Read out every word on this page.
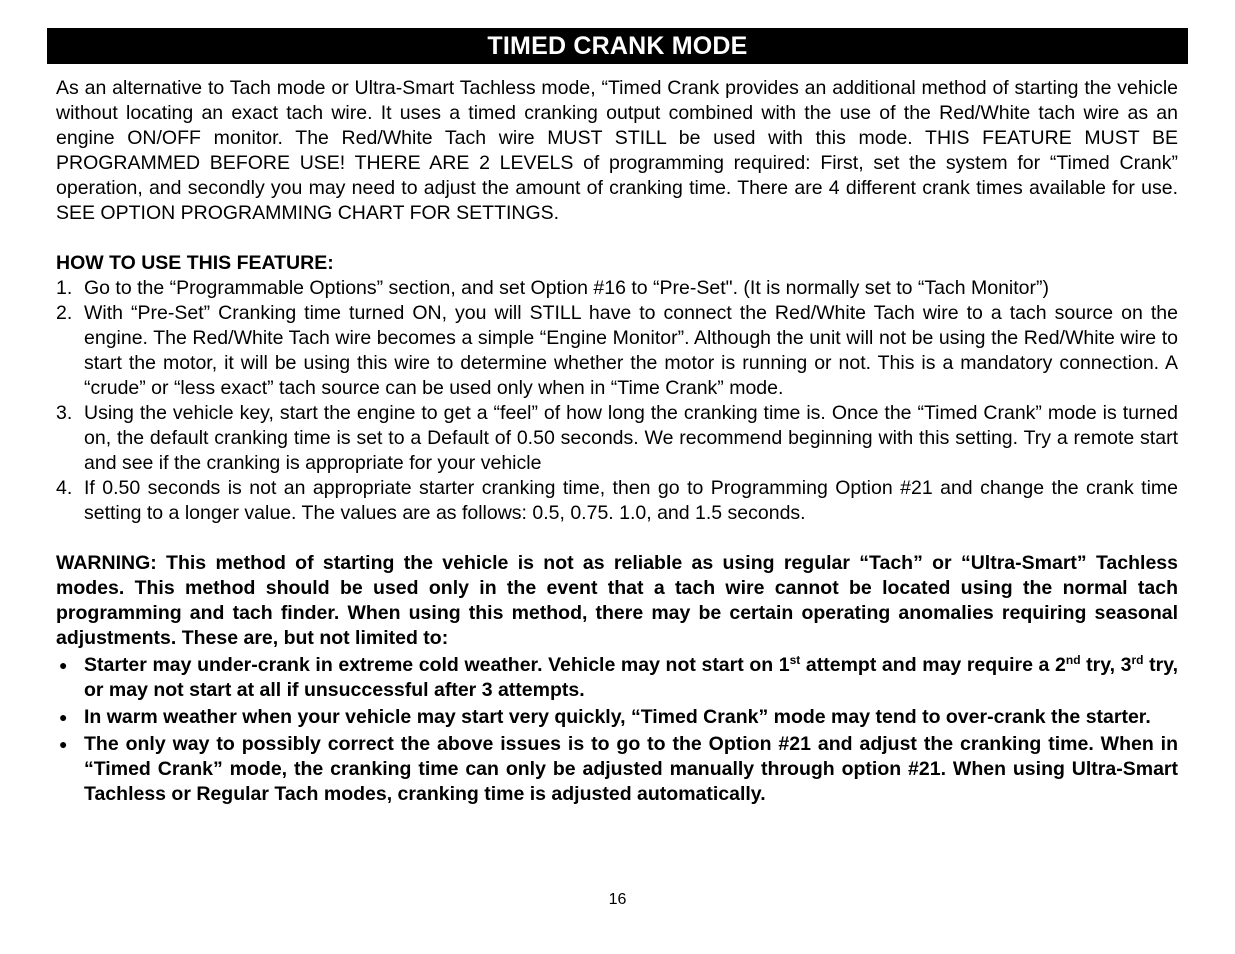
TIMED CRANK MODE

As an alternative to Tach mode or Ultra-Smart Tachless mode, “Timed Crank provides an additional method of starting the vehicle without locating an exact tach wire. It uses a timed cranking output combined with the use of the Red/White tach wire as an engine ON/OFF monitor. The Red/White Tach wire MUST STILL be used with this mode. THIS FEATURE MUST BE PROGRAMMED BEFORE USE! THERE ARE 2 LEVELS of programming required: First, set the system for “Timed Crank” operation, and secondly you may need to adjust the amount of cranking time. There are 4 different crank times available for use. SEE OPTION PROGRAMMING CHART FOR SETTINGS.

HOW TO USE THIS FEATURE:
1. Go to the “Programmable Options” section, and set Option #16 to “Pre-Set". (It is normally set to “Tach Monitor”)
2. With “Pre-Set” Cranking time turned ON, you will STILL have to connect the Red/White Tach wire to a tach source on the engine. The Red/White Tach wire becomes a simple “Engine Monitor”. Although the unit will not be using the Red/White wire to start the motor, it will be using this wire to determine whether the motor is running or not. This is a mandatory connection. A “crude” or “less exact” tach source can be used only when in “Time Crank” mode.
3. Using the vehicle key, start the engine to get a “feel” of how long the cranking time is. Once the “Timed Crank” mode is turned on, the default cranking time is set to a Default of 0.50 seconds. We recommend beginning with this setting. Try a remote start and see if the cranking is appropriate for your vehicle
4. If 0.50 seconds is not an appropriate starter cranking time, then go to Programming Option #21 and change the crank time setting to a longer value. The values are as follows: 0.5, 0.75. 1.0, and 1.5 seconds.

WARNING: This method of starting the vehicle is not as reliable as using regular “Tach” or “Ultra-Smart” Tachless modes. This method should be used only in the event that a tach wire cannot be located using the normal tach programming and tach finder. When using this method, there may be certain operating anomalies requiring seasonal adjustments. These are, but not limited to:

● Starter may under-crank in extreme cold weather. Vehicle may not start on 1st attempt and may require a 2nd try, 3rd try, or may not start at all if unsuccessful after 3 attempts.
● In warm weather when your vehicle may start very quickly, “Timed Crank” mode may tend to over-crank the starter.
● The only way to possibly correct the above issues is to go to the Option #21 and adjust the cranking time. When in “Timed Crank” mode, the cranking time can only be adjusted manually through option #21. When using Ultra-Smart Tachless or Regular Tach modes, cranking time is adjusted automatically.
16
